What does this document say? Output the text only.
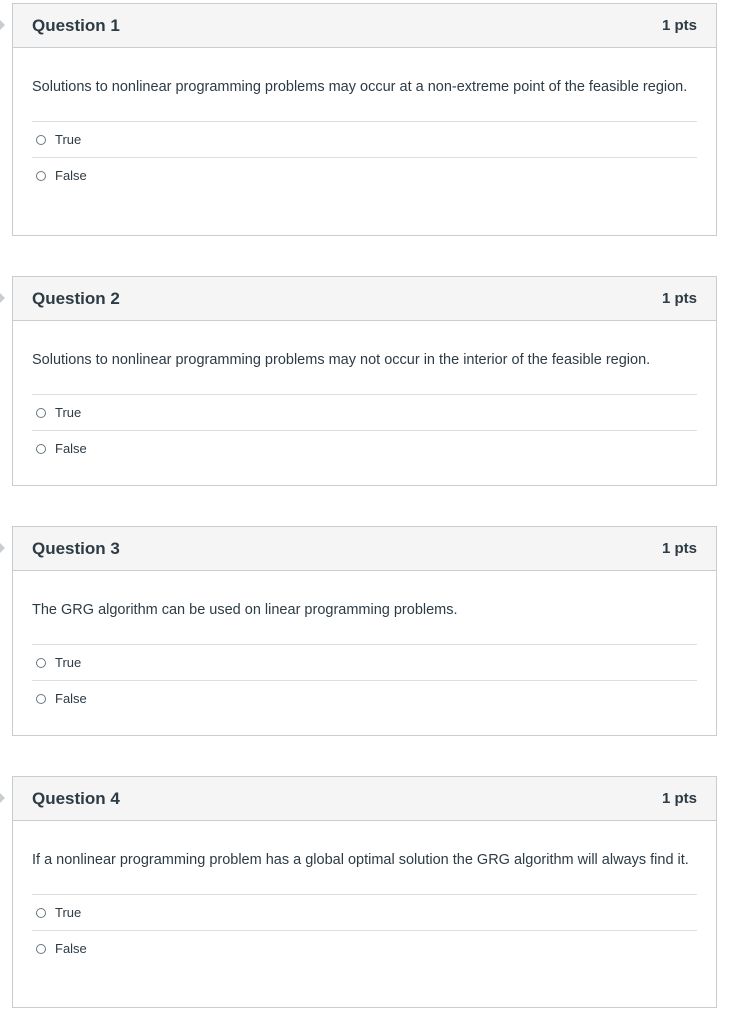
Question 1	1 pts

Solutions to nonlinear programming problems may occur at a non-extreme point of the feasible region.

True
False
Question 2	1 pts

Solutions to nonlinear programming problems may not occur in the interior of the feasible region.

True
False
Question 3	1 pts

The GRG algorithm can be used on linear programming problems.

True
False
Question 4	1 pts

If a nonlinear programming problem has a global optimal solution the GRG algorithm will always find it.

True
False
